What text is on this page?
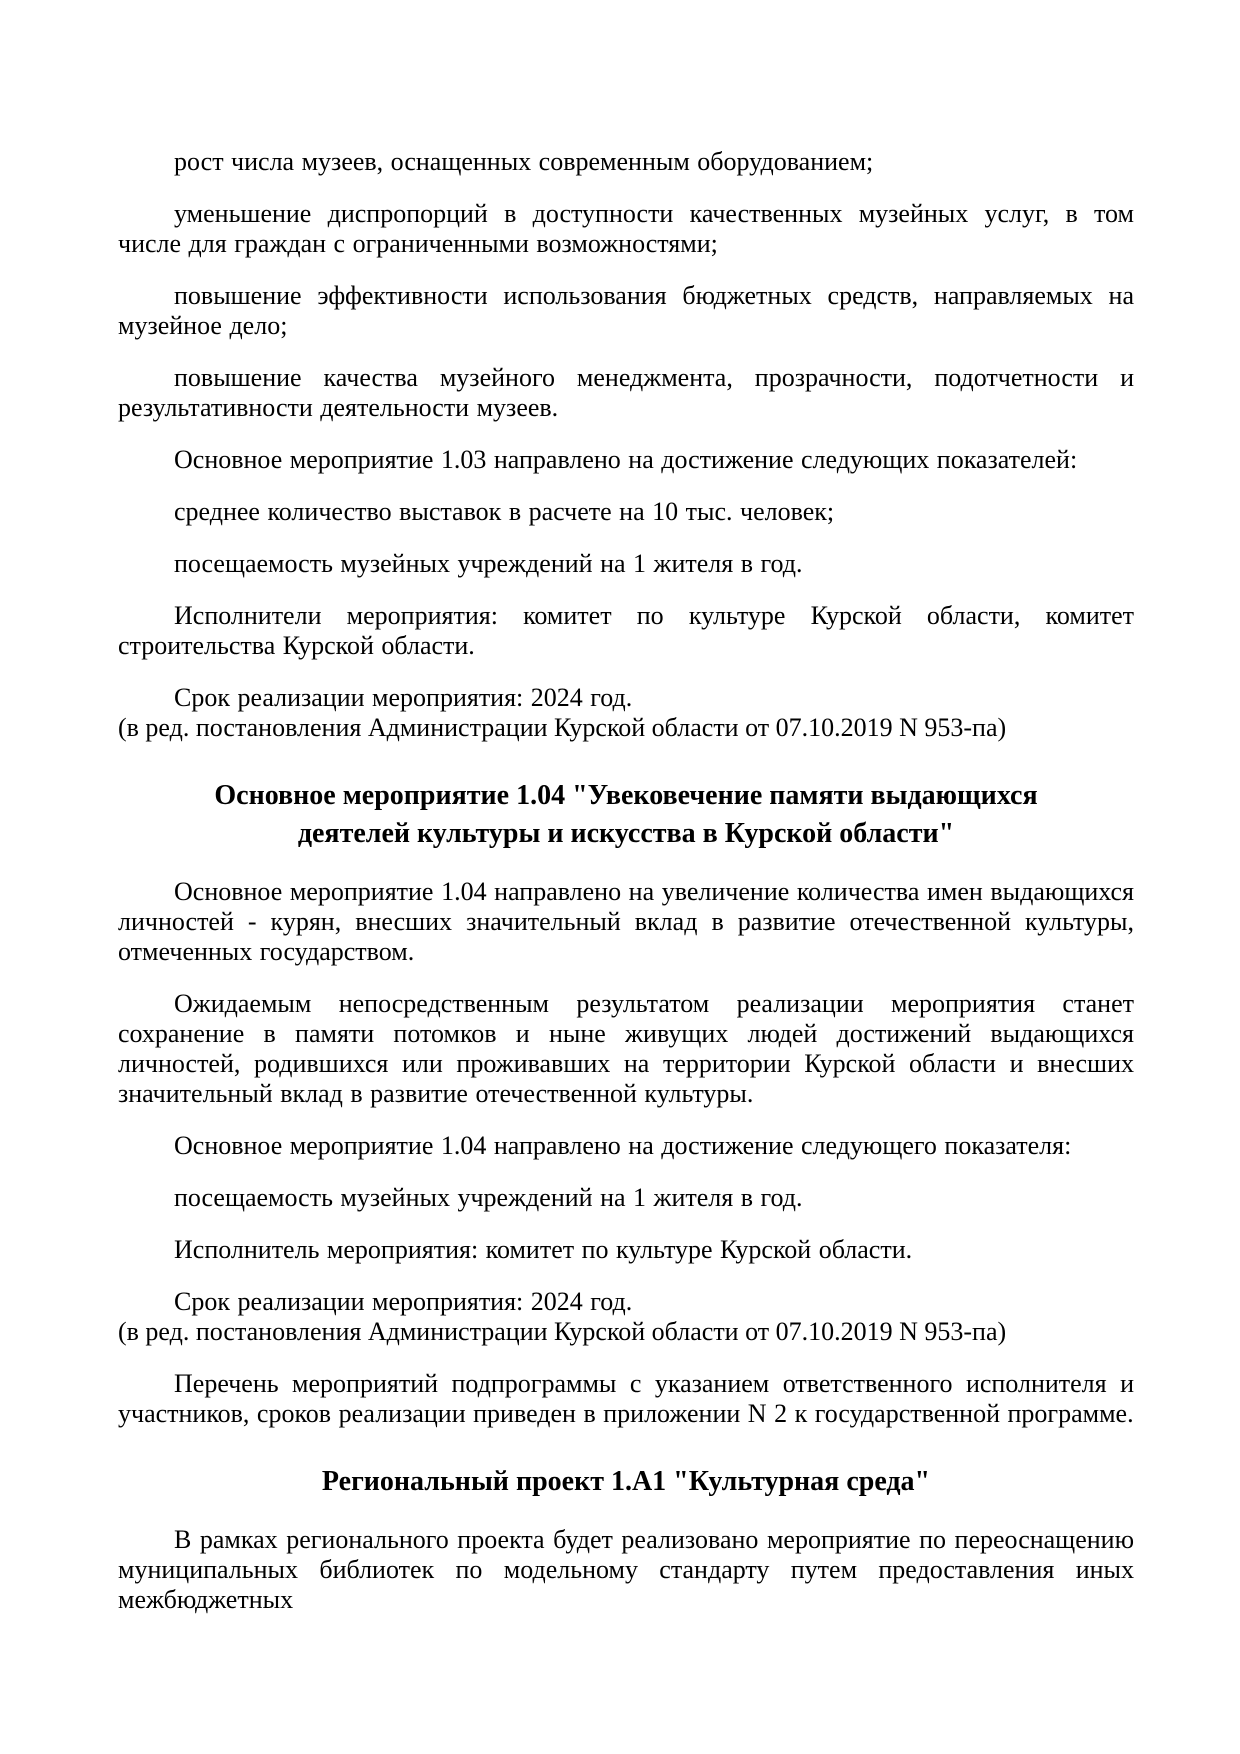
рост числа музеев, оснащенных современным оборудованием;

уменьшение диспропорций в доступности качественных музейных услуг, в том числе для граждан с ограниченными возможностями;

повышение эффективности использования бюджетных средств, направляемых на музейное дело;

повышение качества музейного менеджмента, прозрачности, подотчетности и результативности деятельности музеев.

Основное мероприятие 1.03 направлено на достижение следующих показателей:

среднее количество выставок в расчете на 10 тыс. человек;

посещаемость музейных учреждений на 1 жителя в год.

Исполнители мероприятия: комитет по культуре Курской области, комитет строительства Курской области.

Срок реализации мероприятия: 2024 год.

(в ред. постановления Администрации Курской области от 07.10.2019 N 953-па)

Основное мероприятие 1.04 "Увековечение памяти выдающихся
деятелей культуры и искусства в Курской области"

Основное мероприятие 1.04 направлено на увеличение количества имен выдающихся личностей - курян, внесших значительный вклад в развитие отечественной культуры, отмеченных государством.

Ожидаемым непосредственным результатом реализации мероприятия станет сохранение в памяти потомков и ныне живущих людей достижений выдающихся личностей, родившихся или проживавших на территории Курской области и внесших значительный вклад в развитие отечественной культуры.

Основное мероприятие 1.04 направлено на достижение следующего показателя:

посещаемость музейных учреждений на 1 жителя в год.

Исполнитель мероприятия: комитет по культуре Курской области.

Срок реализации мероприятия: 2024 год.

(в ред. постановления Администрации Курской области от 07.10.2019 N 953-па)

Перечень мероприятий подпрограммы с указанием ответственного исполнителя и участников, сроков реализации приведен в приложении N 2 к государственной программе.

Региональный проект 1.А1 "Культурная среда"

В рамках регионального проекта будет реализовано мероприятие по переоснащению муниципальных библиотек по модельному стандарту путем предоставления иных межбюджетных
